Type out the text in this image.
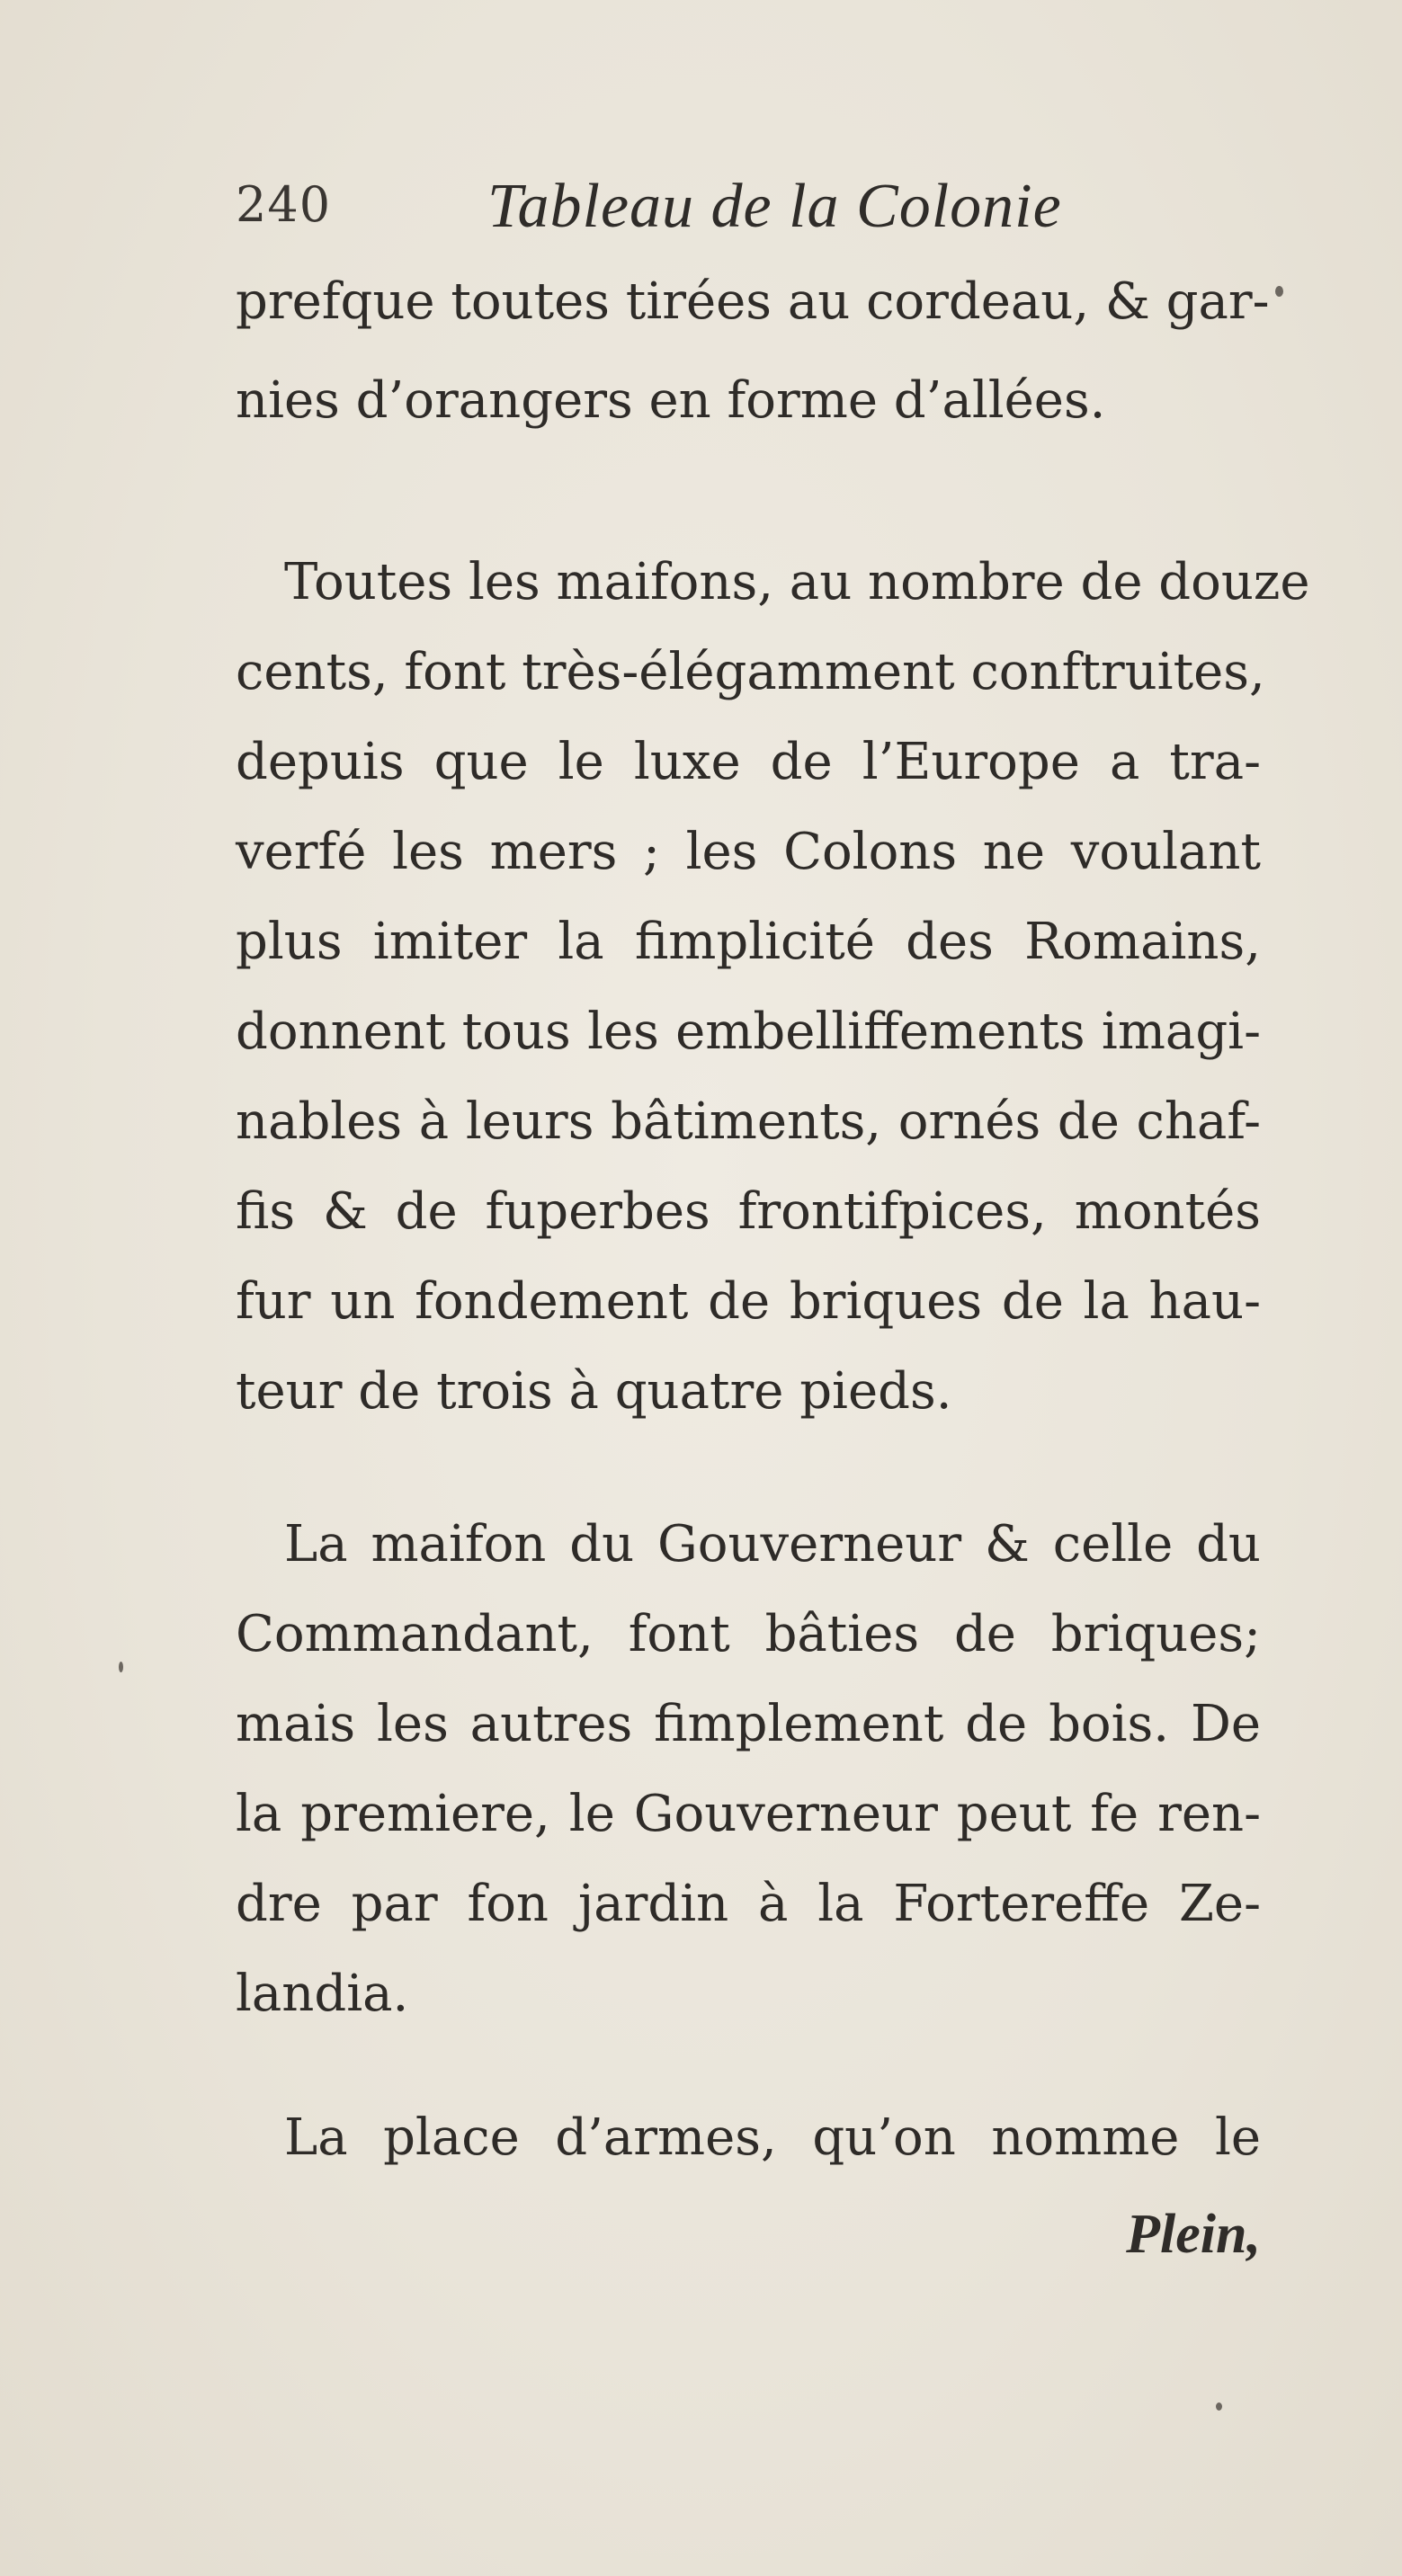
240 Tableau de la Colonie
prefque toutes tirées au cordeau, & gar-
nies d’orangers en forme d’allées.
Toutes les maifons, au nombre de douze
cents, font très-élégamment conftruites,
depuis que le luxe de l’Europe a tra-
verfé les mers ; les Colons ne voulant
plus imiter la fimplicité des Romains,
donnent tous les embelliffements imagi-
nables à leurs bâtiments, ornés de chaf-
fis & de fuperbes frontifpices, montés
fur un fondement de briques de la hau-
teur de trois à quatre pieds.
La maifon du Gouverneur & celle du
Commandant, font bâties de briques;
mais les autres fimplement de bois. De
la premiere, le Gouverneur peut fe ren-
dre par fon jardin à la Fortereffe Ze-
landia.
La place d’armes, qu’on nomme le
Plein,
